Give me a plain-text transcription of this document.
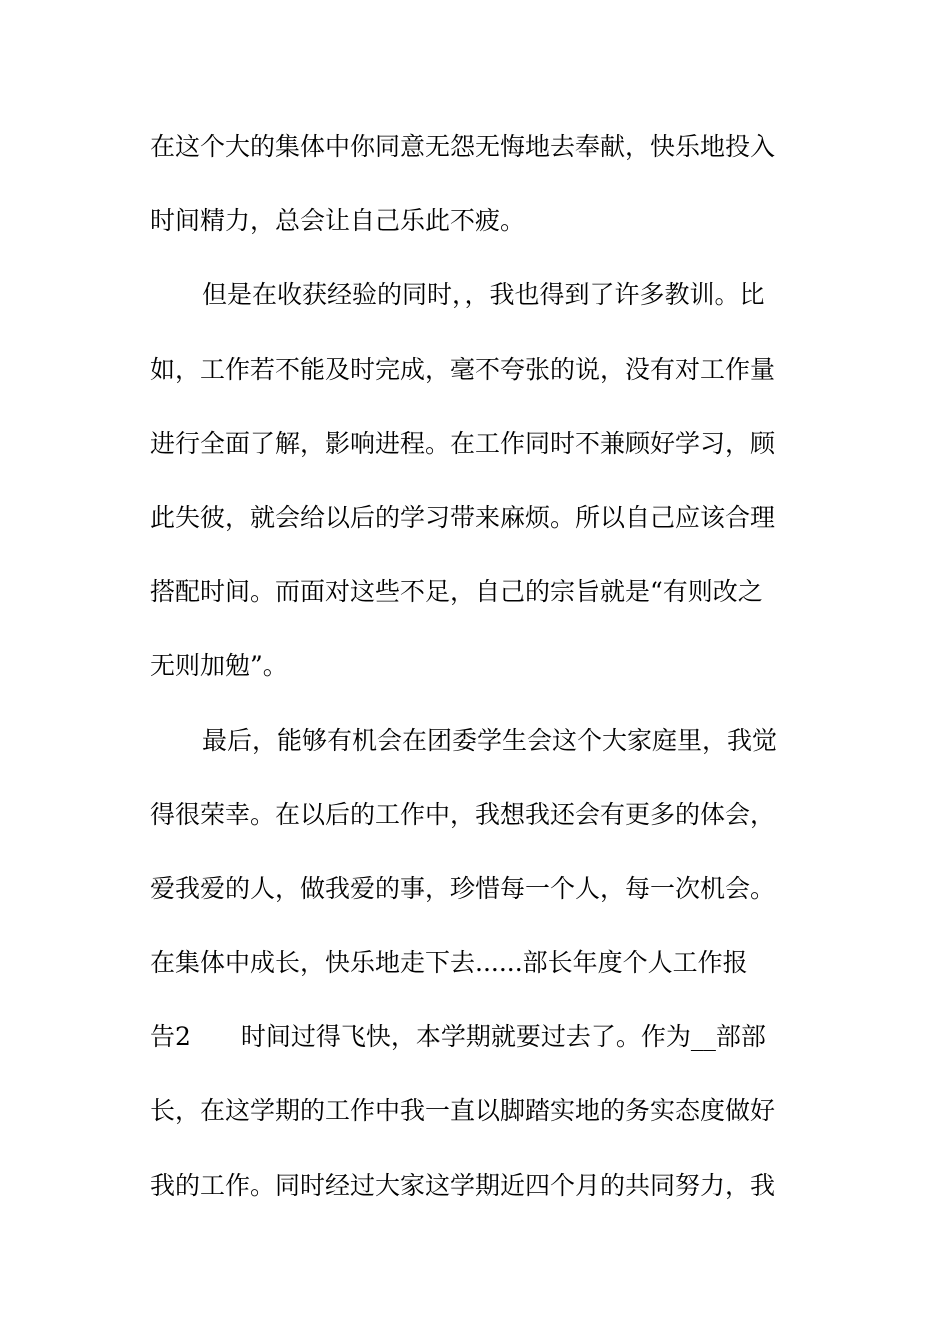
在这个大的集体中你同意无怨无悔地去奉献，快乐地投入
时间精力，总会让自己乐此不疲。
但是在收获经验的同时，，我也得到了许多教训。比
如，工作若不能及时完成，毫不夸张的说，没有对工作量
进行全面了解，影响进程。在工作同时不兼顾好学习，顾
此失彼，就会给以后的学习带来麻烦。所以自己应该合理
搭配时间。而面对这些不足，自己的宗旨就是“有则改之
无则加勉”。
最后，能够有机会在团委学生会这个大家庭里，我觉
得很荣幸。在以后的工作中，我想我还会有更多的体会，
爱我爱的人，做我爱的事，珍惜每一个人，每一次机会。
在集体中成长，快乐地走下去......部长年度个人工作报
告2　　时间过得飞快，本学期就要过去了。作为__部部
长，在这学期的工作中我一直以脚踏实地的务实态度做好
我的工作。同时经过大家这学期近四个月的共同努力，我
